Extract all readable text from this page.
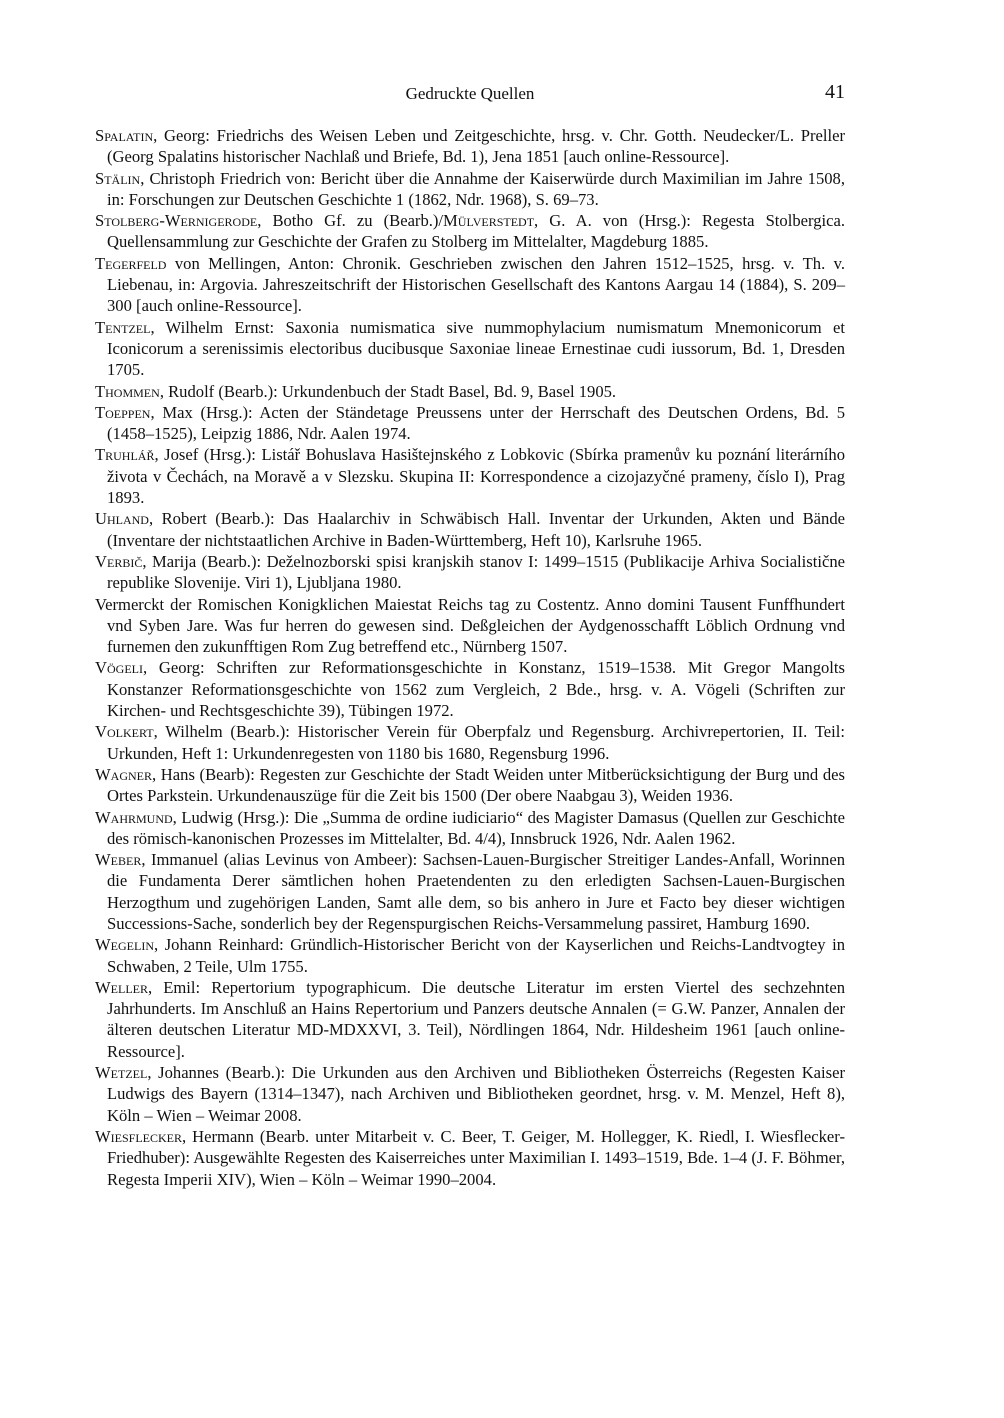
Gedruckte Quellen	41
Spalatin, Georg: Friedrichs des Weisen Leben und Zeitgeschichte, hrsg. v. Chr. Gotth. Neudecker/L. Preller (Georg Spalatins historischer Nachlaß und Briefe, Bd. 1), Jena 1851 [auch online-Ressource].
Stälin, Christoph Friedrich von: Bericht über die Annahme der Kaiserwürde durch Maximilian im Jahre 1508, in: Forschungen zur Deutschen Geschichte 1 (1862, Ndr. 1968), S. 69–73.
Stolberg-Wernigerode, Botho Gf. zu (Bearb.)/Mülverstedt, G. A. von (Hrsg.): Regesta Stolbergica. Quellensammlung zur Geschichte der Grafen zu Stolberg im Mittelalter, Magdeburg 1885.
Tegerfeld von Mellingen, Anton: Chronik. Geschrieben zwischen den Jahren 1512–1525, hrsg. v. Th. v. Liebenau, in: Argovia. Jahreszeitschrift der Historischen Gesellschaft des Kantons Aargau 14 (1884), S. 209–300 [auch online-Ressource].
Tentzel, Wilhelm Ernst: Saxonia numismatica sive nummophylacium numismatum Mnemonicorum et Iconicorum a serenissimis electoribus ducibusque Saxoniae lineae Ernestinae cudi iussorum, Bd. 1, Dresden 1705.
Thommen, Rudolf (Bearb.): Urkundenbuch der Stadt Basel, Bd. 9, Basel 1905.
Toeppen, Max (Hrsg.): Acten der Ständetage Preussens unter der Herrschaft des Deutschen Ordens, Bd. 5 (1458–1525), Leipzig 1886, Ndr. Aalen 1974.
Truhlář, Josef (Hrsg.): Listář Bohuslava Hasištejnského z Lobkovic (Sbírka pramenův ku poznání literárního života v Čechách, na Moravě a v Slezsku. Skupina II: Korrespondence a cizojazyčné prameny, číslo I), Prag 1893.
Uhland, Robert (Bearb.): Das Haalarchiv in Schwäbisch Hall. Inventar der Urkunden, Akten und Bände (Inventare der nichtstaatlichen Archive in Baden-Württemberg, Heft 10), Karlsruhe 1965.
Verbič, Marija (Bearb.): Deželnozborski spisi kranjskih stanov I: 1499–1515 (Publikacije Arhiva Socialistične republike Slovenije. Viri 1), Ljubljana 1980.
Vermerckt der Romischen Konigklichen Maiestat Reichs tag zu Costentz. Anno domini Tausent Funffhundert vnd Syben Jare. Was fur herren do gewesen sind. Deßgleichen der Aydgenosschafft Löblich Ordnung vnd furnemen den zukunfftigen Rom Zug betreffend etc., Nürnberg 1507.
Vögeli, Georg: Schriften zur Reformationsgeschichte in Konstanz, 1519–1538. Mit Gregor Mangolts Konstanzer Reformationsgeschichte von 1562 zum Vergleich, 2 Bde., hrsg. v. A. Vögeli (Schriften zur Kirchen- und Rechtsgeschichte 39), Tübingen 1972.
Volkert, Wilhelm (Bearb.): Historischer Verein für Oberpfalz und Regensburg. Archivrepertorien, II. Teil: Urkunden, Heft 1: Urkundenregesten von 1180 bis 1680, Regensburg 1996.
Wagner, Hans (Bearb): Regesten zur Geschichte der Stadt Weiden unter Mitberücksichtigung der Burg und des Ortes Parkstein. Urkundenauszüge für die Zeit bis 1500 (Der obere Naabgau 3), Weiden 1936.
Wahrmund, Ludwig (Hrsg.): Die „Summa de ordine iudiciario“ des Magister Damasus (Quellen zur Geschichte des römisch-kanonischen Prozesses im Mittelalter, Bd. 4/4), Innsbruck 1926, Ndr. Aalen 1962.
Weber, Immanuel (alias Levinus von Ambeer): Sachsen-Lauen-Burgischer Streitiger Landes-Anfall, Worinnen die Fundamenta Derer sämtlichen hohen Praetendenten zu den erledigten Sachsen-Lauen-Burgischen Herzogthum und zugehörigen Landen, Samt alle dem, so bis anhero in Jure et Facto bey dieser wichtigen Successions-Sache, sonderlich bey der Regenspurgischen Reichs-Versammelung passiret, Hamburg 1690.
Wegelin, Johann Reinhard: Gründlich-Historischer Bericht von der Kayserlichen und Reichs-Landtvogtey in Schwaben, 2 Teile, Ulm 1755.
Weller, Emil: Repertorium typographicum. Die deutsche Literatur im ersten Viertel des sechzehnten Jahrhunderts. Im Anschluß an Hains Repertorium und Panzers deutsche Annalen (= G.W. Panzer, Annalen der älteren deutschen Literatur MD-MDXXVI, 3. Teil), Nördlingen 1864, Ndr. Hildesheim 1961 [auch online-Ressource].
Wetzel, Johannes (Bearb.): Die Urkunden aus den Archiven und Bibliotheken Österreichs (Regesten Kaiser Ludwigs des Bayern (1314–1347), nach Archiven und Bibliotheken geordnet, hrsg. v. M. Menzel, Heft 8), Köln – Wien – Weimar 2008.
Wiesflecker, Hermann (Bearb. unter Mitarbeit v. C. Beer, T. Geiger, M. Hollegger, K. Riedl, I. Wiesflecker-Friedhuber): Ausgewählte Regesten des Kaiserreiches unter Maximilian I. 1493–1519, Bde. 1–4 (J. F. Böhmer, Regesta Imperii XIV), Wien – Köln – Weimar 1990–2004.
